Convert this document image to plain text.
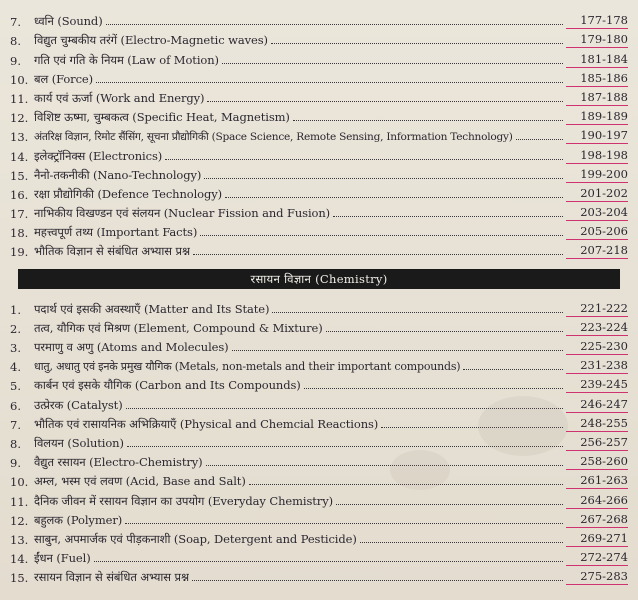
7.	ध्वनि (Sound)	177-178
8.	विद्युत चुम्बकीय तरंगें (Electro-Magnetic waves)	179-180
9.	गति एवं गति के नियम (Law of Motion)	181-184
10. बल (Force)	185-186
11. कार्य एवं ऊर्जा (Work and Energy)	187-188
12. विशिष्ट ऊष्मा, चुम्बकत्व (Specific Heat, Magnetism)	189-189
13. अंतरिक्ष विज्ञान, रिमोट सैंसिंग, सूचना प्रौद्योगिकी (Space Science, Remote Sensing, Information Technology)	190-197
14. इलेक्ट्रॉनिक्स (Electronics)	198-198
15. नैनो-तकनीकी (Nano-Technology)	199-200
16. रक्षा प्रौद्योगिकी (Defence Technology)	201-202
17. नाभिकीय विखण्डन एवं संलयन (Nuclear Fission and Fusion)	203-204
18. महत्त्वपूर्ण तथ्य (Important Facts)	205-206
19. भौतिक विज्ञान से संबंधित अभ्यास प्रश्न	207-218
रसायन विज्ञान (Chemistry)
1.	पदार्थ एवं इसकी अवस्थाएँ (Matter and Its State)	221-222
2.	तत्व, यौगिक एवं मिश्रण (Element, Compound & Mixture)	223-224
3.	परमाणु व अणु (Atoms and Molecules)	225-230
4.	धातु, अधातु एवं इनके प्रमुख यौगिक (Metals, non-metals and their important compounds)	231-238
5.	कार्बन एवं इसके यौगिक (Carbon and Its Compounds)	239-245
6.	उत्प्रेरक (Catalyst)	246-247
7.	भौतिक एवं रासायनिक अभिक्रियाएँ (Physical and Chemcial Reactions)	248-255
8.	विलयन (Solution)	256-257
9.	वैद्युत रसायन (Electro-Chemistry)	258-260
10. अम्ल, भस्म एवं लवण (Acid, Base and Salt)	261-263
11. दैनिक जीवन में रसायन विज्ञान का उपयोग (Everyday Chemistry)	264-266
12. बहुलक (Polymer)	267-268
13. साबुन, अपमार्जक एवं पीड़कनाशी (Soap, Detergent and Pesticide)	269-271
14. ईंधन (Fuel)	272-274
15. रसायन विज्ञान से संबंधित अभ्यास प्रश्न	275-283
